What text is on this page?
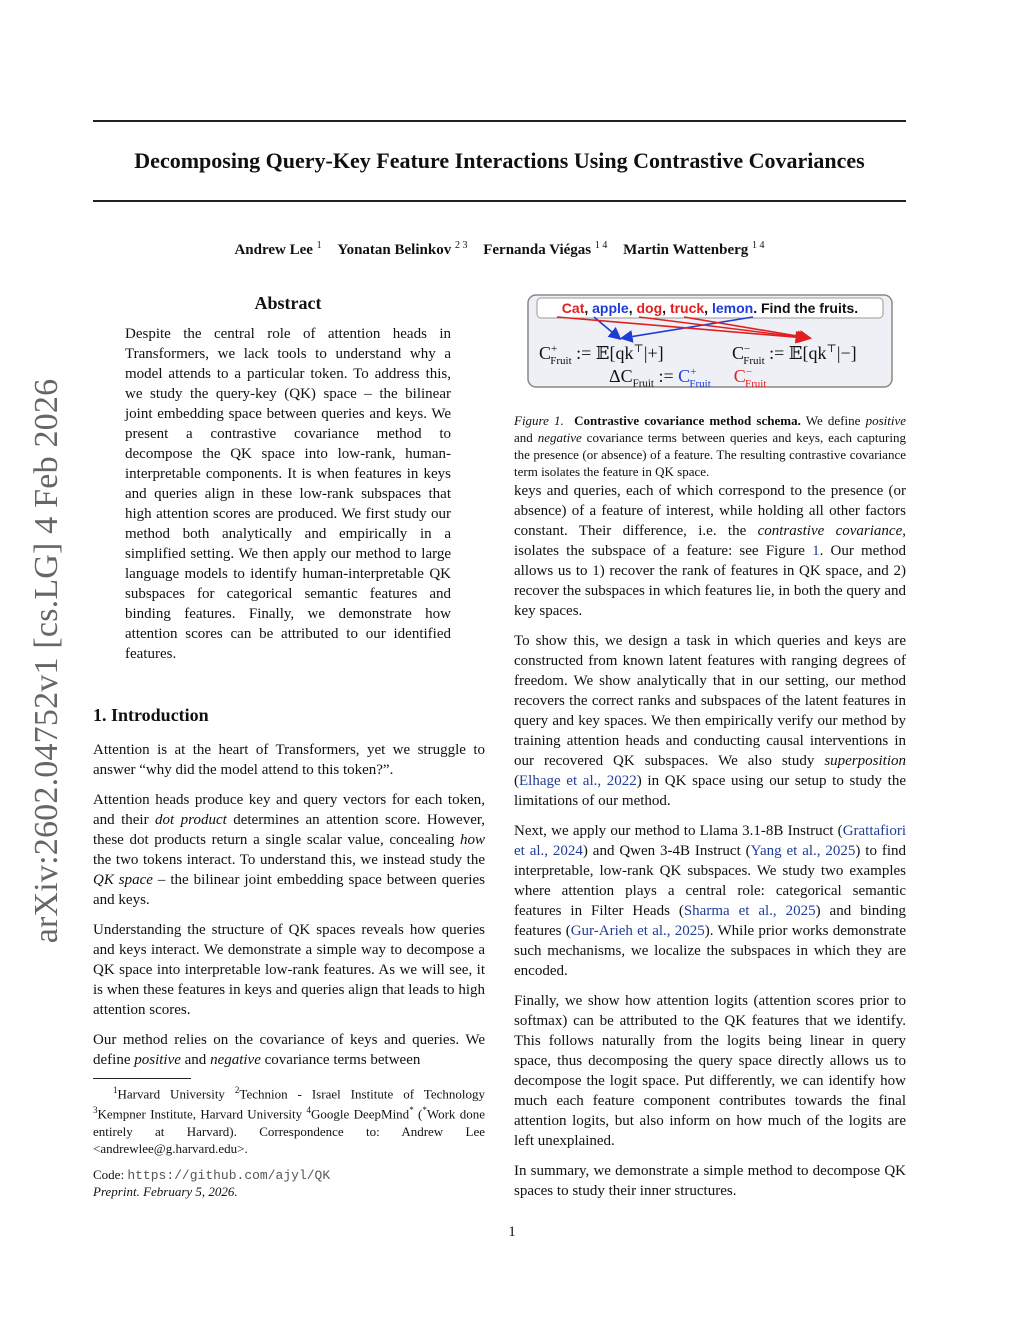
arXiv:2602.04752v1 [cs.LG] 4 Feb 2026
Decomposing Query-Key Feature Interactions Using Contrastive Covariances
Andrew Lee $^1$ Yonatan Belinkov $^{2 3}$ Fernanda Viégas $^{1 4}$ Martin Wattenberg $^{1 4}$
Abstract

Despite the central role of attention heads in Transformers, we lack tools to understand why a model attends to a particular token. To address this, we study the query-key (QK) space – the bilinear joint embedding space between queries and keys. We present a contrastive covariance method to decompose the QK space into low-rank, human-interpretable components. It is when features in keys and queries align in these low-rank subspaces that high attention scores are produced. We first study our method both analytically and empirically in a simplified setting. We then apply our method to large language models to identify human-interpretable QK subspaces for categorical semantic features and binding features. Finally, we demonstrate how attention scores can be attributed to our identified features.

1. Introduction

Attention is at the heart of Transformers, yet we struggle to answer “why did the model attend to this token?”.

Attention heads produce key and query vectors for each token, and their dot product determines an attention score. However, these dot products return a single scalar value, concealing how the two tokens interact. To understand this, we instead study the QK space – the bilinear joint embedding space between queries and keys.

Understanding the structure of QK spaces reveals how queries and keys interact. We demonstrate a simple way to decompose a QK space into interpretable low-rank features. As we will see, it is when these features in keys and queries align that leads to high attention scores.

Our method relies on the covariance of keys and queries. We define positive and negative covariance terms between

$^1$Harvard University $^2$Technion - Israel Institute of Technology $^3$Kempner Institute, Harvard University $^4$Google DeepMind* (*Work done entirely at Harvard). Correspondence to: Andrew Lee <andrewlee@g.harvard.edu>.
Code: https://github.com/ajyl/QK
Preprint. February 5, 2026.
1
Cat, apple, dog, truck, lemon. Find the fruits.
$C^+_{Fruit}$ := 𝔼[qk⊤|+]	$C^-_{Fruit}$ := 𝔼[qk⊤|−]
$\Delta C_{Fruit}$ := $C^+_{Fruit}$ $C^-_{Fruit}$

Figure 1. Contrastive covariance method schema. We define positive and negative covariance terms between queries and keys, each capturing the presence (or absence) of a feature. The resulting contrastive covariance term isolates the feature in QK space.

keys and queries, each of which correspond to the presence (or absence) of a feature of interest, while holding all other factors constant. Their difference, i.e. the contrastive covariance, isolates the subspace of a feature: see Figure 1. Our method allows us to 1) recover the rank of features in QK space, and 2) recover the subspaces in which features lie, in both the query and key spaces.

To show this, we design a task in which queries and keys are constructed from known latent features with ranging degrees of freedom. We show analytically that in our setting, our method recovers the correct ranks and subspaces of the latent features in query and key spaces. We then empirically verify our method by training attention heads and conducting causal interventions in our recovered QK subspaces. We also study superposition (Elhage et al., 2022) in QK space using our setup to study the limitations of our method.

Next, we apply our method to Llama 3.1-8B Instruct (Grattafiori et al., 2024) and Qwen 3-4B Instruct (Yang et al., 2025) to find interpretable, low-rank QK subspaces. We study two examples where attention plays a central role: categorical semantic features in Filter Heads (Sharma et al., 2025) and binding features (Gur-Arieh et al., 2025). While prior works demonstrate such mechanisms, we localize the subspaces in which they are encoded.

Finally, we show how attention logits (attention scores prior to softmax) can be attributed to the QK features that we identify. This follows naturally from the logits being linear in query space, thus decomposing the query space directly allows us to decompose the logit space. Put differently, we can identify how much each feature component contributes towards the final attention logits, but also inform on how much of the logits are left unexplained.

In summary, we demonstrate a simple method to decompose QK spaces to study their inner structures.
